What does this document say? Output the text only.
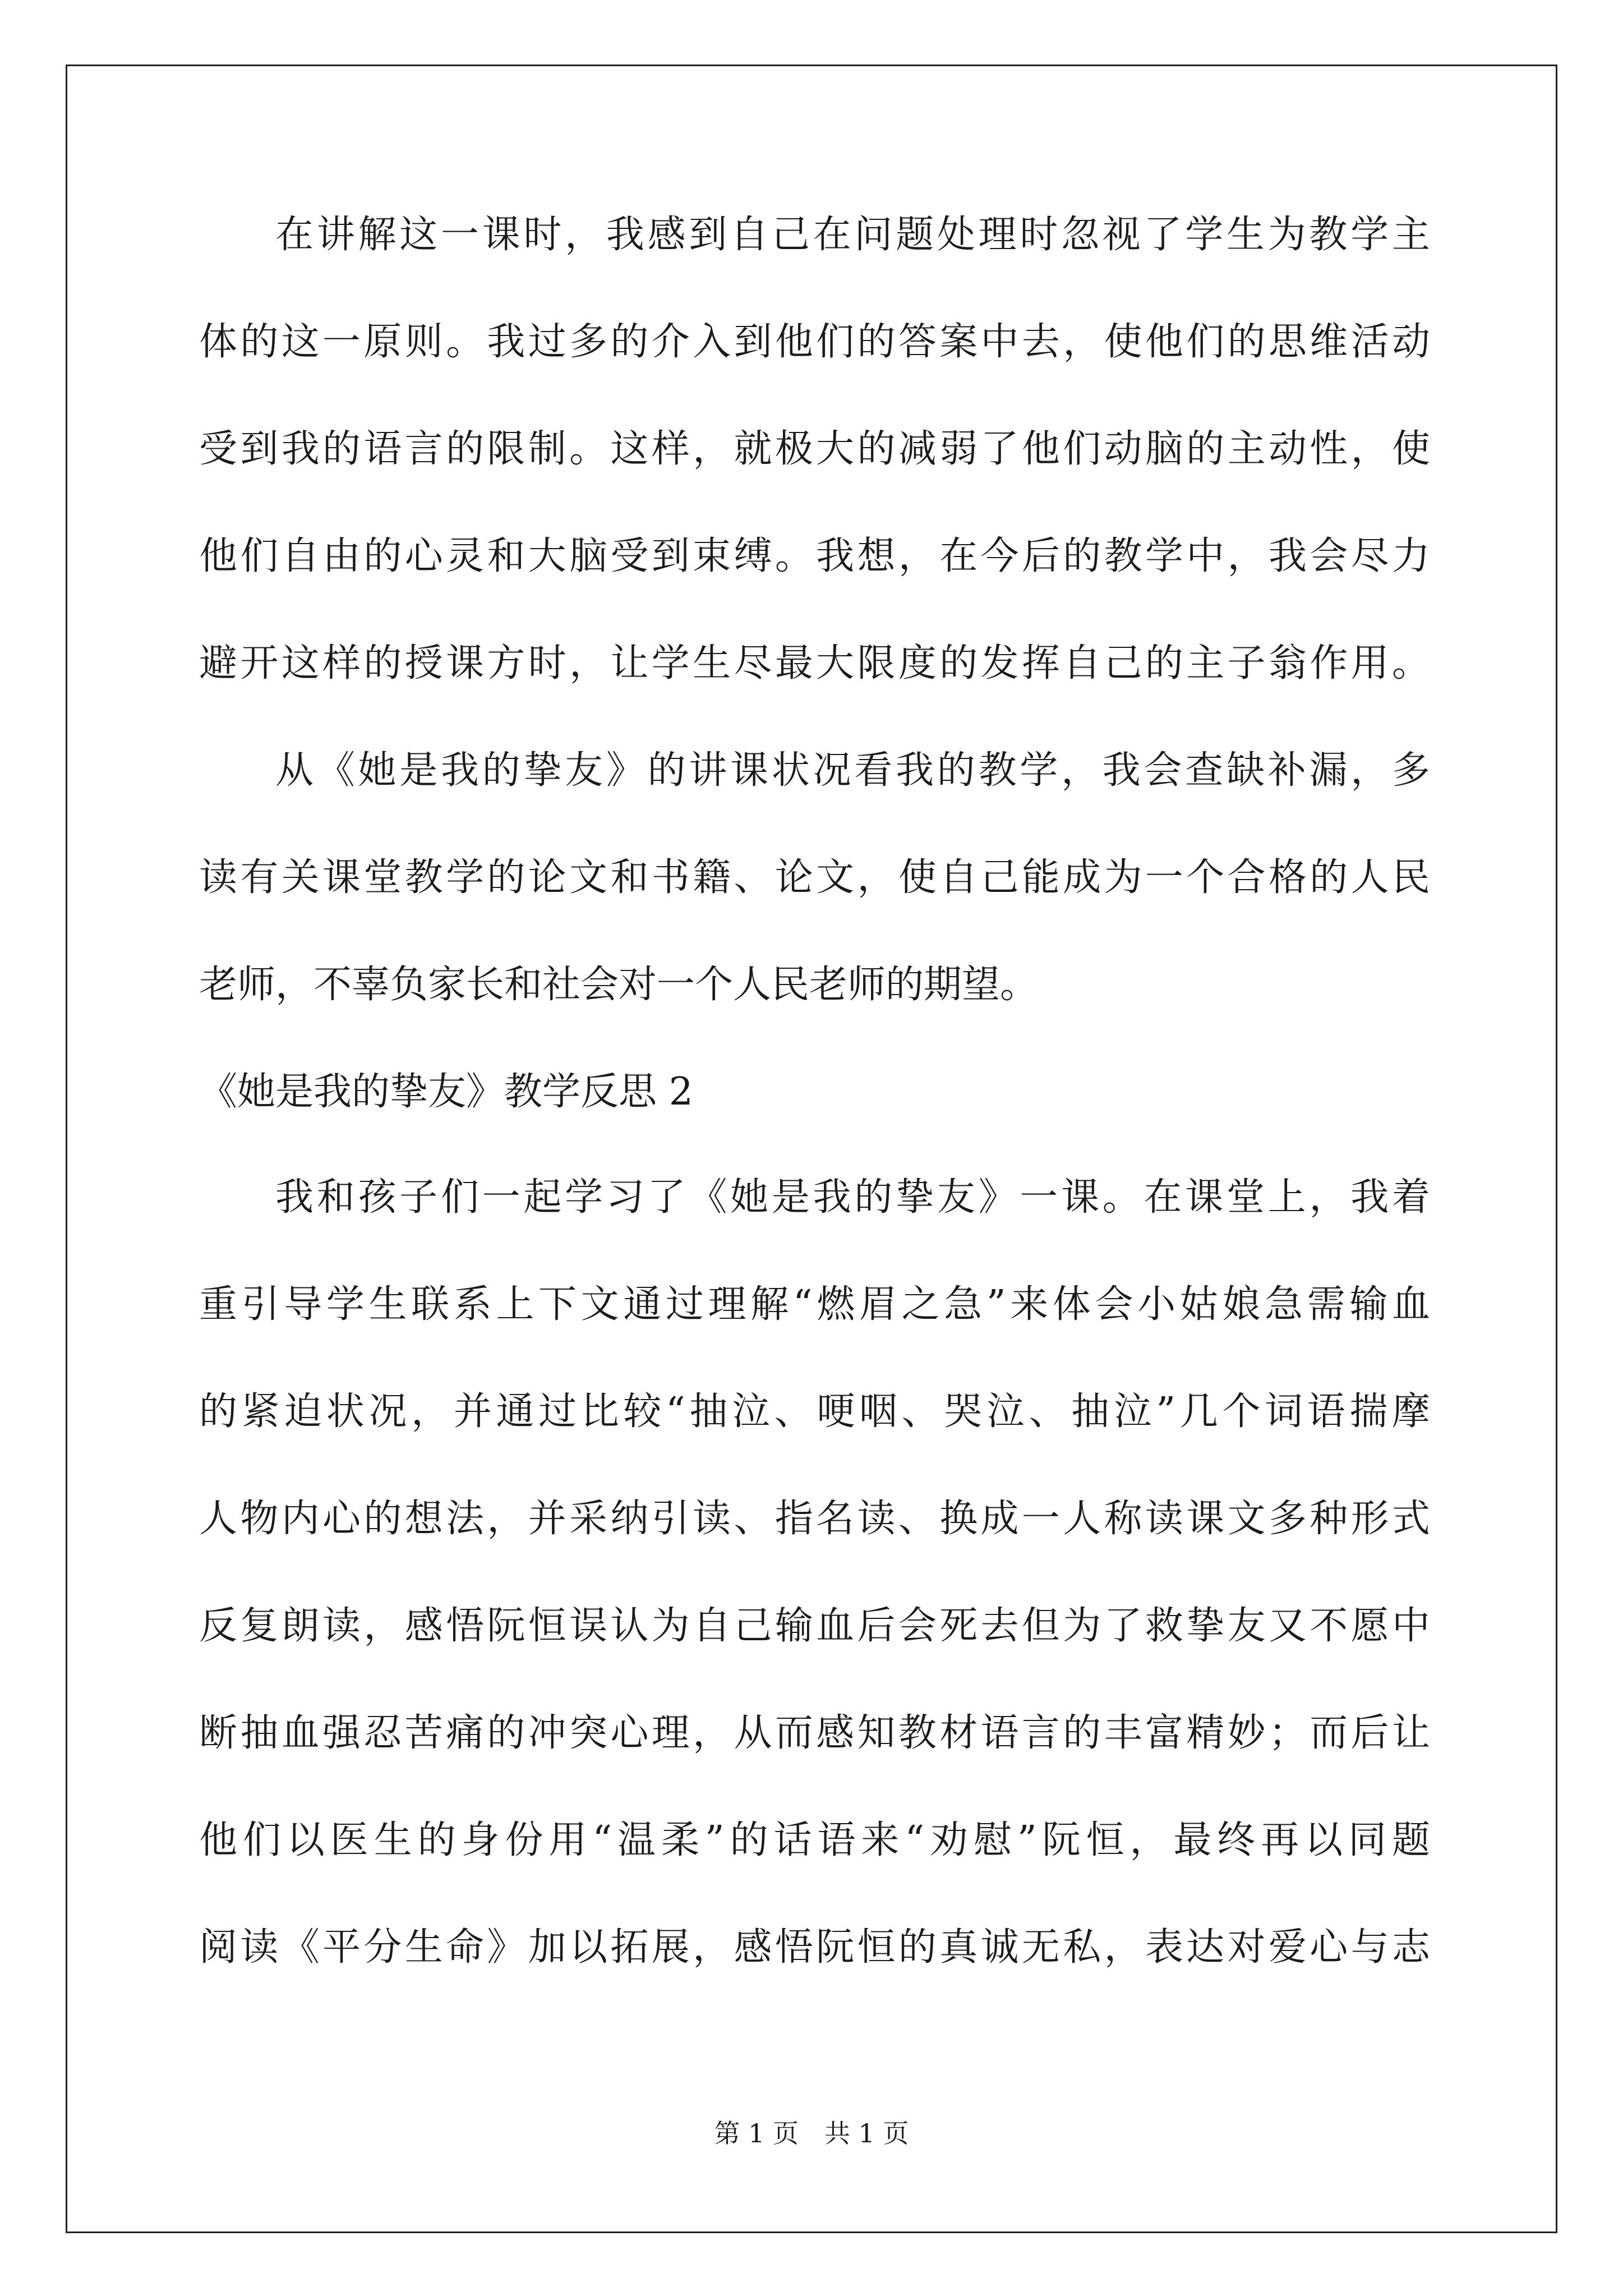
在讲解这一课时，我感到自己在问题处理时忽视了学生为教学主
体的这一原则。我过多的介入到他们的答案中去，使他们的思维活动
受到我的语言的限制。这样，就极大的减弱了他们动脑的主动性，使
他们自由的心灵和大脑受到束缚。我想，在今后的教学中，我会尽力
避开这样的授课方时，让学生尽最大限度的发挥自己的主子翁作用。
从《她是我的挚友》的讲课状况看我的教学，我会查缺补漏，多
读有关课堂教学的论文和书籍、论文，使自己能成为一个合格的人民
老师，不辜负家长和社会对一个人民老师的期望。
《她是我的挚友》教学反思 2
我和孩子们一起学习了《她是我的挚友》一课。在课堂上，我着
重引导学生联系上下文通过理解“燃眉之急”来体会小姑娘急需输血
的紧迫状况，并通过比较“抽泣、哽咽、哭泣、抽泣”几个词语揣摩
人物内心的想法，并采纳引读、指名读、换成一人称读课文多种形式
反复朗读，感悟阮恒误认为自己输血后会死去但为了救挚友又不愿中
断抽血强忍苦痛的冲突心理，从而感知教材语言的丰富精妙；而后让
他们以医生的身份用“温柔”的话语来“劝慰”阮恒，最终再以同题
阅读《平分生命》加以拓展，感悟阮恒的真诚无私，表达对爱心与志
第 1 页　共 1 页
